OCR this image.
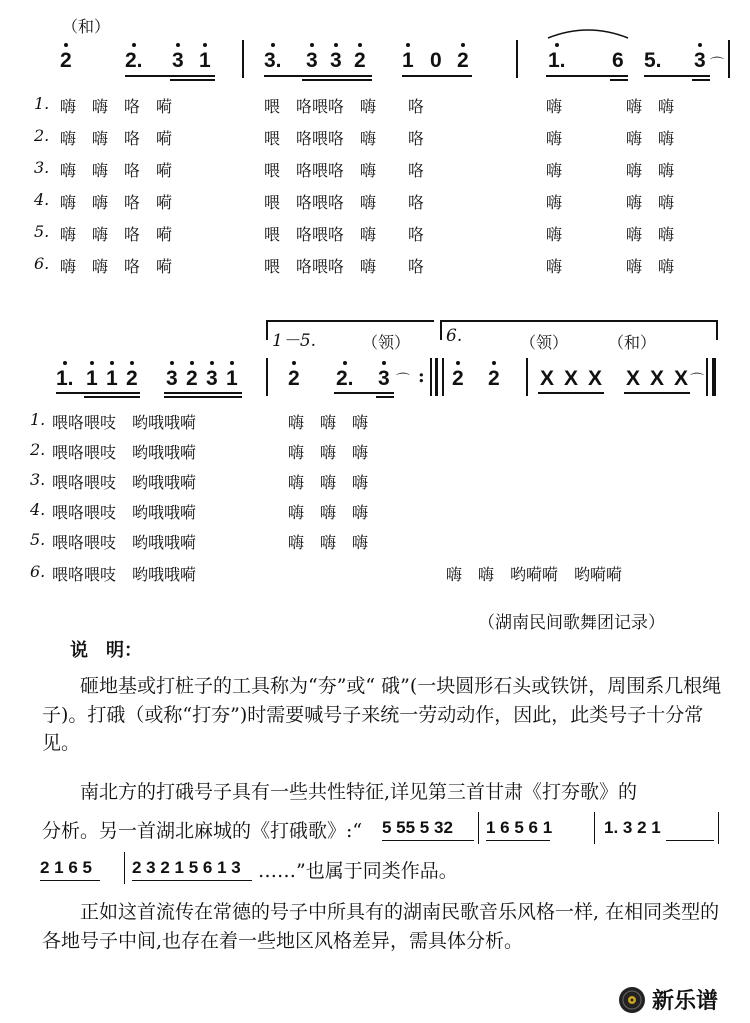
（和）
2	2. 3 1	3. 3 3 2 1 0 2	1. 6 5. 3 ⌒
1. 嗨　嗨　咯　嗬	喂　咯喂咯　嗨　　咯	嗨　　　　嗨　嗨
2. 嗨　嗨　咯　嗬	喂　咯喂咯　嗨　　咯	嗨　　　　嗨　嗨
3. 嗨　嗨　咯　嗬	喂　咯喂咯　嗨　　咯	嗨　　　　嗨　嗨
4. 嗨　嗨　咯　嗬	喂　咯喂咯　嗨　　咯	嗨　　　　嗨　嗨
5. 嗨　嗨　咯　嗬	喂　咯喂咯　嗨　　咯	嗨　　　　嗨　嗨
6. 嗨　嗨　咯　嗬	喂　咯喂咯　嗨　　咯	嗨　　　　嗨　嗨
1－5.	（领） 6.	（领） （和）
1. 1 1 2 3 2 3 1 2 2. 3 ⌒ : 2 2 X X X X X X ⌒
1. 喂咯喂吱　哟哦哦嗬	嗨　嗨　嗨
2. 喂咯喂吱　哟哦哦嗬	嗨　嗨　嗨
3. 喂咯喂吱　哟哦哦嗬	嗨　嗨　嗨
4. 喂咯喂吱　哟哦哦嗬	嗨　嗨　嗨
5. 喂咯喂吱　哟哦哦嗬	嗨　嗨　嗨
6. 喂咯喂吱　哟哦哦嗬	嗨　嗨　哟嗬嗬　哟嗬嗬
（湖南民间歌舞团记录）
说　明：
砸地基或打桩子的工具称为“夯”或“ 硪”(一块圆形石头或铁饼，周围系几根绳子)。打硪（或称“打夯”)时需要喊号子来统一劳动动作，因此，此类号子十分常见。
南北方的打硪号子具有一些共性特征,详见第三首甘肃《打夯歌》的
分析。另一首湖北麻城的《打硪歌》:“ 5 55 5 32 1 6 5 6 1	1. 3 2 1
2 1 6 5 2 3 2 1 5 6 1 3 ……”也属于同类作品。
正如这首流传在常德的号子中所具有的湖南民歌音乐风格一样, 在相同类型的各地号子中间,也存在着一些地区风格差异，需具体分析。
新乐谱
